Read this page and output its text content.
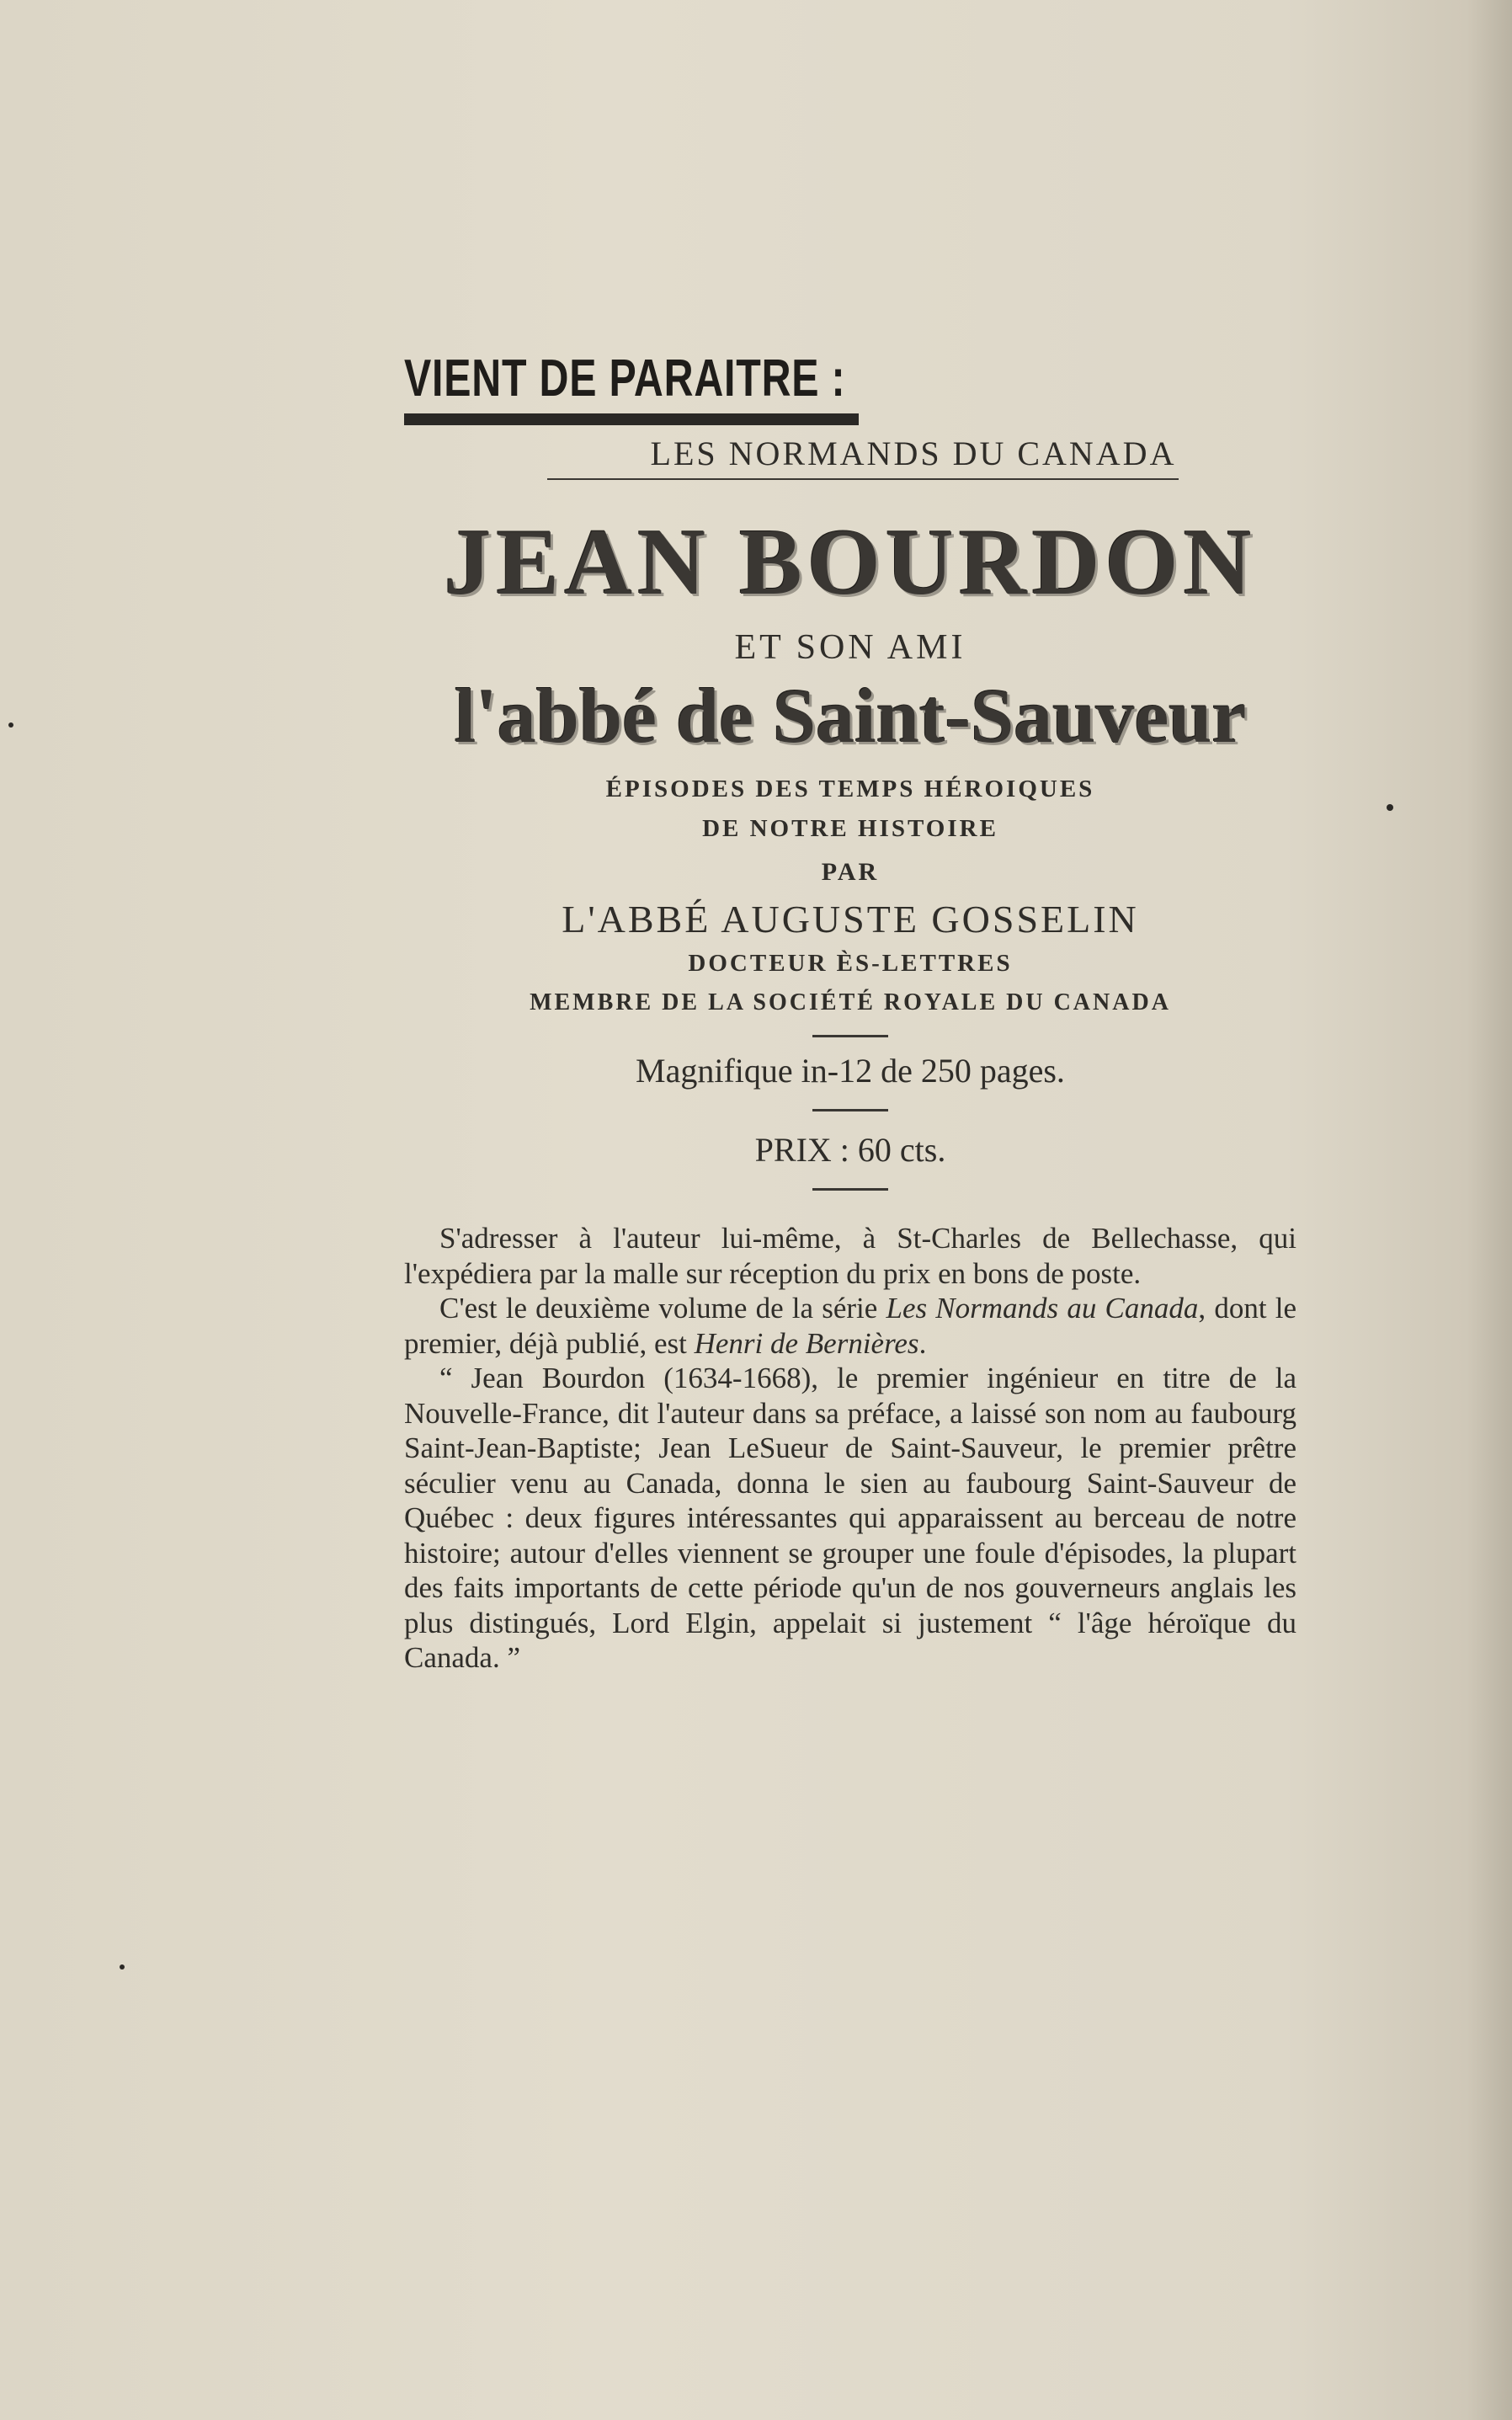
VIENT DE PARAITRE :
LES NORMANDS DU CANADA
JEAN BOURDON
ET SON AMI
l'abbé de Saint-Sauveur
ÉPISODES DES TEMPS HÉROIQUES
DE NOTRE HISTOIRE
PAR
L'ABBÉ AUGUSTE GOSSELIN
DOCTEUR ÈS-LETTRES
MEMBRE DE LA SOCIÉTÉ ROYALE DU CANADA
Magnifique in-12 de 250 pages.
PRIX : 60 cts.

S'adresser à l'auteur lui-même, à St-Charles de Bellechasse, qui l'expédiera par la malle sur réception du prix en bons de poste.

C'est le deuxième volume de la série Les Normands au Canada, dont le premier, déjà publié, est Henri de Bernières.

“ Jean Bourdon (1634-1668), le premier ingénieur en titre de la Nouvelle-France, dit l'auteur dans sa préface, a laissé son nom au faubourg Saint-Jean-Baptiste; Jean LeSueur de Saint-Sauveur, le premier prêtre séculier venu au Canada, donna le sien au faubourg Saint-Sauveur de Québec : deux figures intéressantes qui apparaissent au berceau de notre histoire; autour d'elles viennent se grouper une foule d'épisodes, la plupart des faits importants de cette période qu'un de nos gouverneurs anglais les plus distingués, Lord Elgin, appelait si justement “ l'âge héroïque du Canada. ”
